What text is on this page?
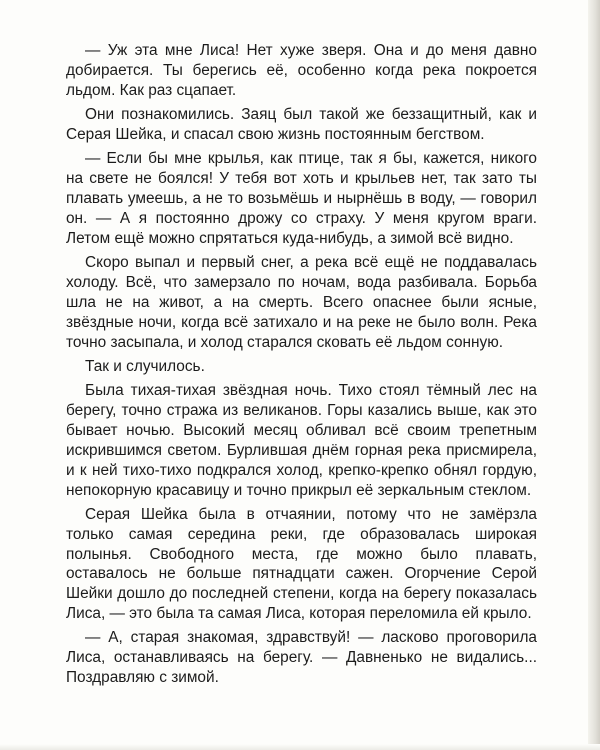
— Уж эта мне Лиса! Нет хуже зверя. Она и до меня давно добирается. Ты берегись её, особенно когда река покроется льдом. Как раз сцапает.

Они познакомились. Заяц был такой же беззащитный, как и Серая Шейка, и спасал свою жизнь постоянным бегством.

— Если бы мне крылья, как птице, так я бы, кажется, никого на свете не боялся! У тебя вот хоть и крыльев нет, так зато ты плавать умеешь, а не то возьмёшь и нырнёшь в воду, — говорил он. — А я постоянно дрожу со страху. У меня кругом враги. Летом ещё можно спрятаться куда-нибудь, а зимой всё видно.

Скоро выпал и первый снег, а река всё ещё не поддавалась холоду. Всё, что замерзало по ночам, вода разбивала. Борьба шла не на живот, а на смерть. Всего опаснее были ясные, звёздные ночи, когда всё затихало и на реке не было волн. Река точно засыпала, и холод старался сковать её льдом сонную.

Так и случилось.

Была тихая-тихая звёздная ночь. Тихо стоял тёмный лес на берегу, точно стража из великанов. Горы казались выше, как это бывает ночью. Высокий месяц обливал всё своим трепетным искрившимся светом. Бурлившая днём горная река присмирела, и к ней тихо-тихо подкрался холод, крепко-крепко обнял гордую, непокорную красавицу и точно прикрыл её зеркальным стеклом.

Серая Шейка была в отчаянии, потому что не замёрзла только самая середина реки, где образовалась широкая полынья. Свободного места, где можно было плавать, оставалось не больше пятнадцати сажен. Огорчение Серой Шейки дошло до последней степени, когда на берегу показалась Лиса, — это была та самая Лиса, которая переломила ей крыло.

— А, старая знакомая, здравствуй! — ласково проговорила Лиса, останавливаясь на берегу. — Давненько не видались... Поздравляю с зимой.
